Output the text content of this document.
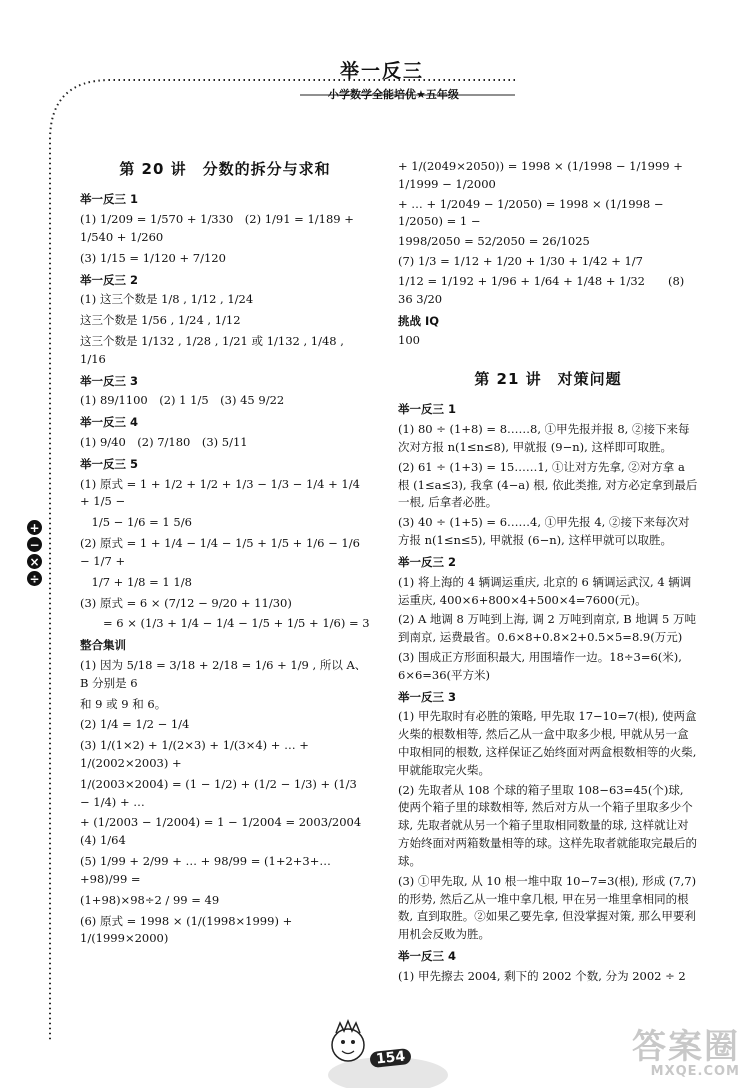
举一反三
小学数学全能培优★五年级
+
−
×
÷
第 20 讲　分数的拆分与求和
举一反三 1
(1) 1/209 = 1/570 + 1/330　(2) 1/91 = 1/189 + 1/540 + 1/260
(3) 1/15 = 1/120 + 7/120
举一反三 2
(1) 这三个数是 1/8 , 1/12 , 1/24
这三个数是 1/56 , 1/24 , 1/12
这三个数是 1/132 , 1/28 , 1/21 或 1/132 , 1/48 , 1/16
举一反三 3
(1) 89/1100　(2) 1 1/5　(3) 45 9/22
举一反三 4
(1) 9/40　(2) 7/180　(3) 5/11
举一反三 5
(1) 原式 = 1 + 1/2 + 1/2 + 1/3 − 1/3 − 1/4 + 1/4 + 1/5 −
　1/5 − 1/6 = 1 5/6
(2) 原式 = 1 + 1/4 − 1/4 − 1/5 + 1/5 + 1/6 − 1/6 − 1/7 +
　1/7 + 1/8 = 1 1/8
(3) 原式 = 6 × (7/12 − 9/20 + 11/30)
　　= 6 × (1/3 + 1/4 − 1/4 − 1/5 + 1/5 + 1/6) = 3
整合集训
(1) 因为 5/18 = 3/18 + 2/18 = 1/6 + 1/9 , 所以 A、B 分别是 6
和 9 或 9 和 6。
(2) 1/4 = 1/2 − 1/4
(3) 1/(1×2) + 1/(2×3) + 1/(3×4) + … + 1/(2002×2003) +
1/(2003×2004) = (1 − 1/2) + (1/2 − 1/3) + (1/3 − 1/4) + …
+ (1/2003 − 1/2004) = 1 − 1/2004 = 2003/2004　(4) 1/64
(5) 1/99 + 2/99 + … + 98/99 = (1+2+3+…+98)/99 =
(1+98)×98÷2 / 99 = 49
(6) 原式 = 1998 × (1/(1998×1999) + 1/(1999×2000)
+ 1/(2049×2050)) = 1998 × (1/1998 − 1/1999 + 1/1999 − 1/2000
+ … + 1/2049 − 1/2050) = 1998 × (1/1998 − 1/2050) = 1 −
1998/2050 = 52/2050 = 26/1025
(7) 1/3 = 1/12 + 1/20 + 1/30 + 1/42 + 1/7
1/12 = 1/192 + 1/96 + 1/64 + 1/48 + 1/32　　(8) 36 3/20
挑战 IQ
100
第 21 讲　对策问题
举一反三 1
(1) 80 ÷ (1+8) = 8……8, ①甲先报并报 8, ②接下来每次对方报 n(1≤n≤8), 甲就报 (9−n), 这样即可取胜。
(2) 61 ÷ (1+3) = 15……1, ①让对方先拿, ②对方拿 a 根 (1≤a≤3), 我拿 (4−a) 根, 依此类推, 对方必定拿到最后一根, 后拿者必胜。
(3) 40 ÷ (1+5) = 6……4, ①甲先报 4, ②接下来每次对方报 n(1≤n≤5), 甲就报 (6−n), 这样甲就可以取胜。
举一反三 2
(1) 将上海的 4 辆调运重庆, 北京的 6 辆调运武汉, 4 辆调运重庆, 400×6+800×4+500×4=7600(元)。
(2) A 地调 8 万吨到上海, 调 2 万吨到南京, B 地调 5 万吨到南京, 运费最省。0.6×8+0.8×2+0.5×5=8.9(万元)
(3) 围成正方形面积最大, 用围墙作一边。18÷3=6(米), 6×6=36(平方米)
举一反三 3
(1) 甲先取时有必胜的策略, 甲先取 17−10=7(根), 使两盒火柴的根数相等, 然后乙从一盒中取多少根, 甲就从另一盒中取相同的根数, 这样保证乙始终面对两盒根数相等的火柴, 甲就能取完火柴。
(2) 先取者从 108 个球的箱子里取 108−63=45(个)球, 使两个箱子里的球数相等, 然后对方从一个箱子里取多少个球, 先取者就从另一个箱子里取相同数量的球, 这样就让对方始终面对两箱数量相等的球。这样先取者就能取完最后的球。
(3) ①甲先取, 从 10 根一堆中取 10−7=3(根), 形成 (7,7) 的形势, 然后乙从一堆中拿几根, 甲在另一堆里拿相同的根数, 直到取胜。②如果乙要先拿, 但没掌握对策, 那么甲要利用机会反败为胜。
举一反三 4
(1) 甲先擦去 2004, 剩下的 2002 个数, 分为 2002 ÷ 2
154	答案圈
MXQE.COM
